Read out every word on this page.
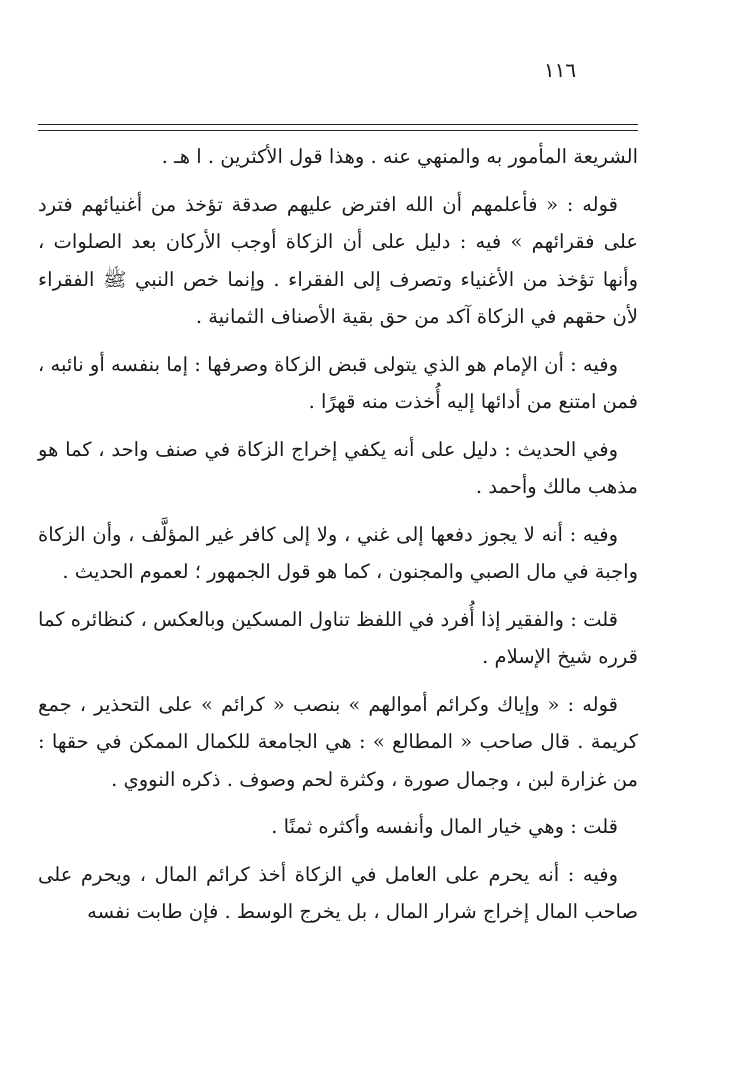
١١٦

الشريعة المأمور به والمنهي عنه . وهذا قول الأكثرين . ا هـ .

قوله : « فأعلمهم أن الله افترض عليهم صدقة تؤخذ من أغنيائهم فترد على فقرائهم » فيه : دليل على أن الزكاة أوجب الأركان بعد الصلوات ، وأنها تؤخذ من الأغنياء وتصرف إلى الفقراء . وإنما خص النبي ﷺ الفقراء لأن حقهم في الزكاة آكد من حق بقية الأصناف الثمانية .

وفيه : أن الإمام هو الذي يتولى قبض الزكاة وصرفها : إما بنفسه أو نائبه ، فمن امتنع من أدائها إليه أُخذت منه قهرًا .

وفي الحديث : دليل على أنه يكفي إخراج الزكاة في صنف واحد ، كما هو مذهب مالك وأحمد .

وفيه : أنه لا يجوز دفعها إلى غني ، ولا إلى كافر غير المؤلَّف ، وأن الزكاة واجبة في مال الصبي والمجنون ، كما هو قول الجمهور ؛ لعموم الحديث .

قلت : والفقير إذا أُفرد في اللفظ تناول المسكين وبالعكس ، كنظائره كما قرره شيخ الإسلام .

قوله : « وإياك وكرائم أموالهم » بنصب « كرائم » على التحذير ، جمع كريمة . قال صاحب « المطالع » : هي الجامعة للكمال الممكن في حقها : من غزارة لبن ، وجمال صورة ، وكثرة لحم وصوف . ذكره النووي .

قلت : وهي خيار المال وأنفسه وأكثره ثمنًا .

وفيه : أنه يحرم على العامل في الزكاة أخذ كرائم المال ، ويحرم على صاحب المال إخراج شرار المال ، بل يخرج الوسط . فإن طابت نفسه
